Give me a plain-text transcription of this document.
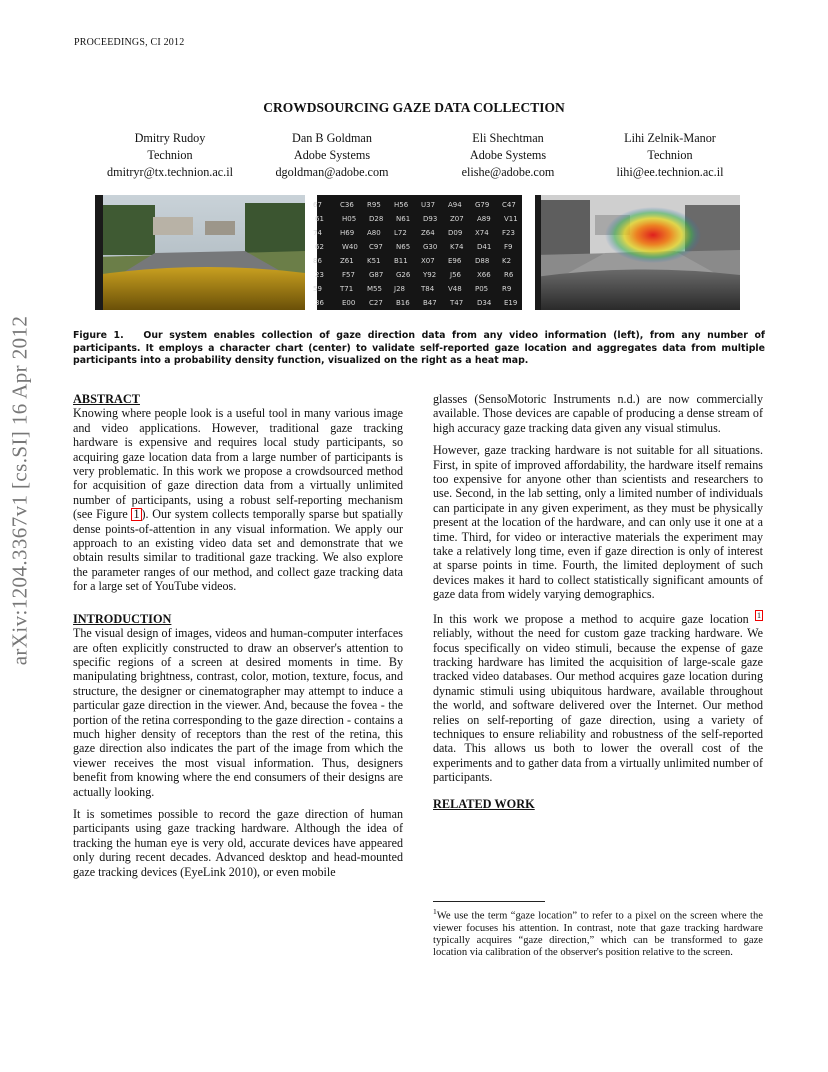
PROCEEDINGS, CI 2012
arXiv:1204.3367v1 [cs.SI] 16 Apr 2012
CROWDSOURCING GAZE DATA COLLECTION
Dmitry Rudoy
Technion
dmitryr@tx.technion.ac.il
Dan B Goldman
Adobe Systems
dgoldman@adobe.com
Eli Shechtman
Adobe Systems
elishe@adobe.com
Lihi Zelnik-Manor
Technion
lihi@ee.technion.ac.il
67	C36 R95 H56 U37 A94 G79 C47
61	H05 D28 N61 D93 Z07 A89 V11
74	H69 A80 L72 Z64 D09 X74 F23
62	W40 C97 N65 G30 K74 D41 F9
86	Z61 K51 B11 X07 E96 D88 K2
23	F57 G87 G26 Y92 J56 X66 R6
59	T71 M55 J28 T84 V48 P05 R9
36	E00 C27 B16 B47 T47 D34 E19
Figure 1. Our system enables collection of gaze direction data from any video information (left), from any number of participants. It employs a character chart (center) to validate self-reported gaze location and aggregates data from multiple participants into a probability density function, visualized on the right as a heat map.
ABSTRACT

Knowing where people look is a useful tool in many various image and video applications. However, traditional gaze tracking hardware is expensive and requires local study participants, so acquiring gaze location data from a large number of participants is very problematic. In this work we propose a crowdsourced method for acquisition of gaze direction data from a virtually unlimited number of participants, using a robust self-reporting mechanism (see Figure 1 ). Our system collects temporally sparse but spatially dense points-of-attention in any visual information. We apply our approach to an existing video data set and demonstrate that we obtain results similar to traditional gaze tracking. We also explore the parameter ranges of our method, and collect gaze tracking data for a large set of YouTube videos.

INTRODUCTION

The visual design of images, videos and human-computer interfaces are often explicitly constructed to draw an observer's attention to specific regions of a screen at desired moments in time. By manipulating brightness, contrast, color, motion, texture, focus, and structure, the designer or cinematographer may attempt to induce a particular gaze direction in the viewer. And, because the fovea - the portion of the retina corresponding to the gaze direction - contains a much higher density of receptors than the rest of the retina, this gaze direction also indicates the part of the image from which the viewer receives the most visual information. Thus, designers benefit from knowing where the end consumers of their designs are actually looking.

It is sometimes possible to record the gaze direction of human participants using gaze tracking hardware. Although the idea of tracking the human eye is very old, accurate devices have appeared only during recent decades. Advanced desktop and head-mounted gaze tracking devices (EyeLink 2010), or even mobile

glasses (SensoMotoric Instruments n.d.) are now commercially available. Those devices are capable of producing a dense stream of high accuracy gaze tracking data given any visual stimulus.

However, gaze tracking hardware is not suitable for all situations. First, in spite of improved affordability, the hardware itself remains too expensive for anyone other than scientists and researchers to use. Second, in the lab setting, only a limited number of individuals can participate in any given experiment, as they must be physically present at the location of the hardware, and can only use it one at a time. Third, for video or interactive materials the experiment may take a relatively long time, even if gaze direction is only of interest at sparse points in time. Fourth, the limited deployment of such devices makes it hard to collect statistically significant amounts of gaze data from widely varying demographics.

In this work we propose a method to acquire gaze location 1 reliably, without the need for custom gaze tracking hardware. We focus specifically on video stimuli, because the expense of gaze tracking hardware has limited the acquisition of large-scale gaze tracked video databases. Our method acquires gaze location during dynamic stimuli using ubiquitous hardware, available throughout the world, and software delivered over the Internet. Our method relies on self-reporting of gaze direction, using a variety of techniques to ensure reliability and robustness of the self-reported data. This allows us both to lower the overall cost of the experiments and to gather data from a virtually unlimited number of participants.

RELATED WORK
$^1$We use the term “gaze location” to refer to a pixel on the screen where the viewer focuses his attention. In contrast, note that gaze tracking hardware typically acquires “gaze direction,” which can be transformed to gaze location via calibration of the observer's position relative to the screen.
